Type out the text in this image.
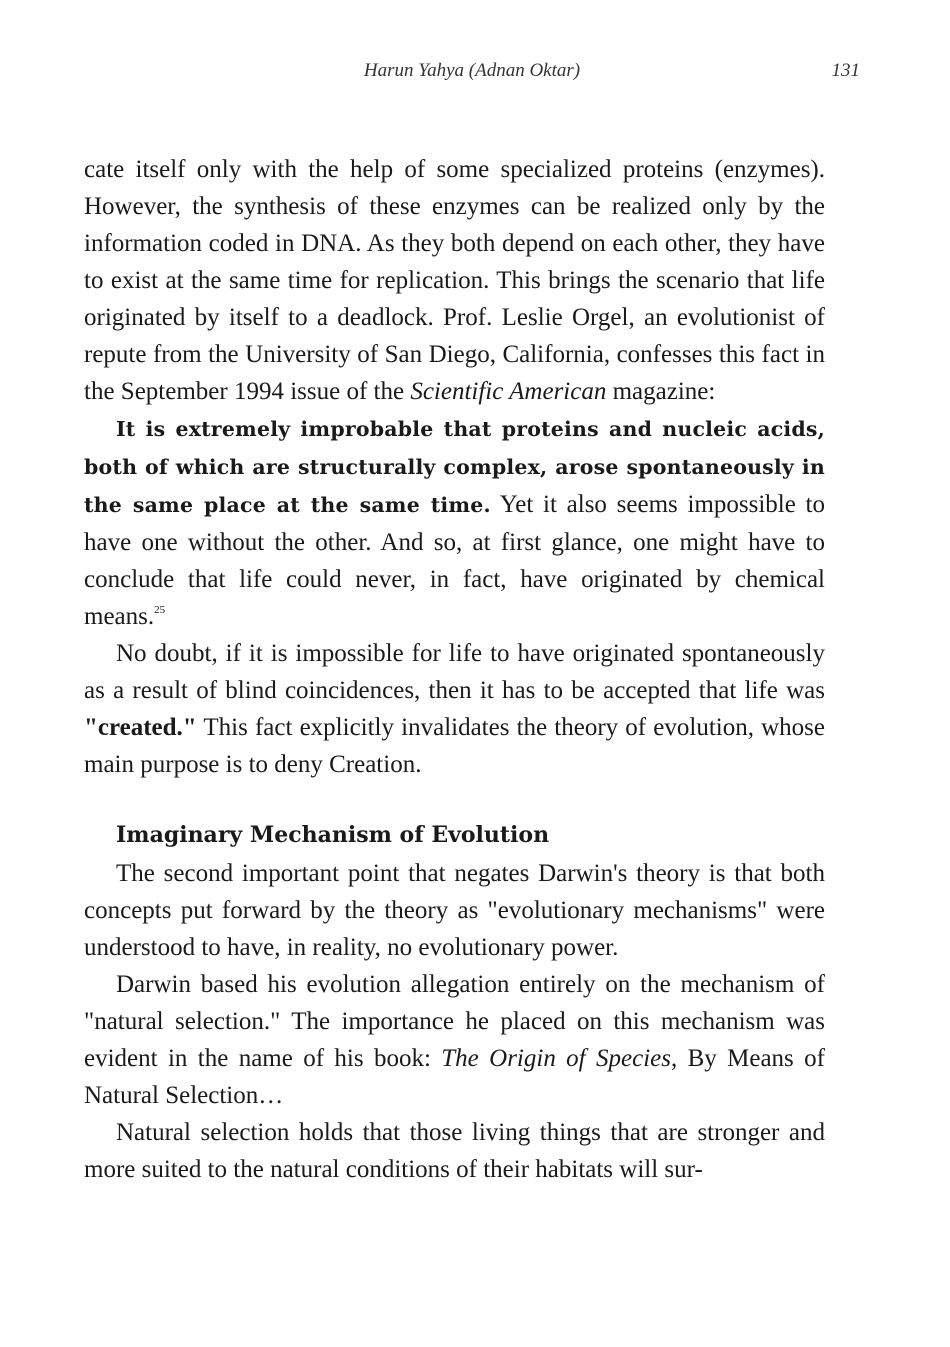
Harun Yahya (Adnan Oktar)	131

cate itself only with the help of some specialized proteins (enzymes). However, the synthesis of these enzymes can be realized only by the information coded in DNA. As they both depend on each other, they have to exist at the same time for replication. This brings the scenario that life originated by itself to a deadlock. Prof. Leslie Orgel, an evolutionist of repute from the University of San Diego, California, confesses this fact in the September 1994 issue of the Scientific American magazine:

It is extremely improbable that proteins and nucleic acids, both of which are structurally complex, arose spontaneously in the same place at the same time. Yet it also seems impossible to have one without the other. And so, at first glance, one might have to conclude that life could never, in fact, have originated by chemical means.$^{25}$

No doubt, if it is impossible for life to have originated spontaneously as a result of blind coincidences, then it has to be accepted that life was "created." This fact explicitly invalidates the theory of evolution, whose main purpose is to deny Creation.

Imaginary Mechanism of Evolution

The second important point that negates Darwin's theory is that both concepts put forward by the theory as "evolutionary mechanisms" were understood to have, in reality, no evolutionary power.

Darwin based his evolution allegation entirely on the mechanism of "natural selection." The importance he placed on this mechanism was evident in the name of his book: The Origin of Species, By Means of Natural Selection…

Natural selection holds that those living things that are stronger and more suited to the natural conditions of their habitats will sur-
